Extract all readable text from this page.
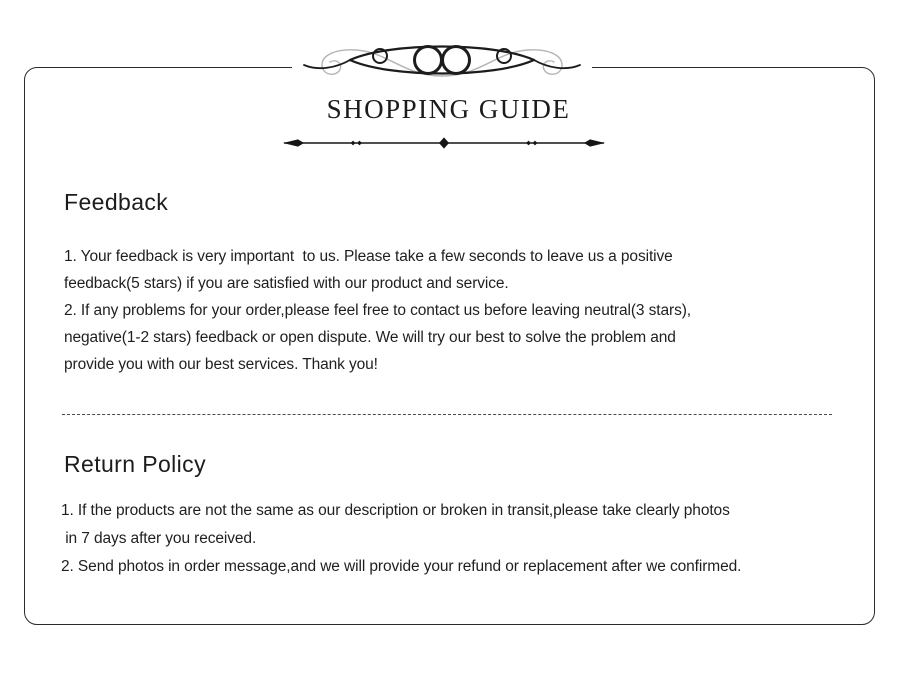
SHOPPING GUIDE
Feedback
1. Your feedback is very important  to us. Please take a few seconds to leave us a positive
feedback(5 stars) if you are satisfied with our product and service.
2. If any problems for your order,please feel free to contact us before leaving neutral(3 stars),
negative(1-2 stars) feedback or open dispute. We will try our best to solve the problem and
provide you with our best services. Thank you!
Return Policy
1. If the products are not the same as our description or broken in transit,please take clearly photos
in 7 days after you received.
2. Send photos in order message,and we will provide your refund or replacement after we confirmed.
